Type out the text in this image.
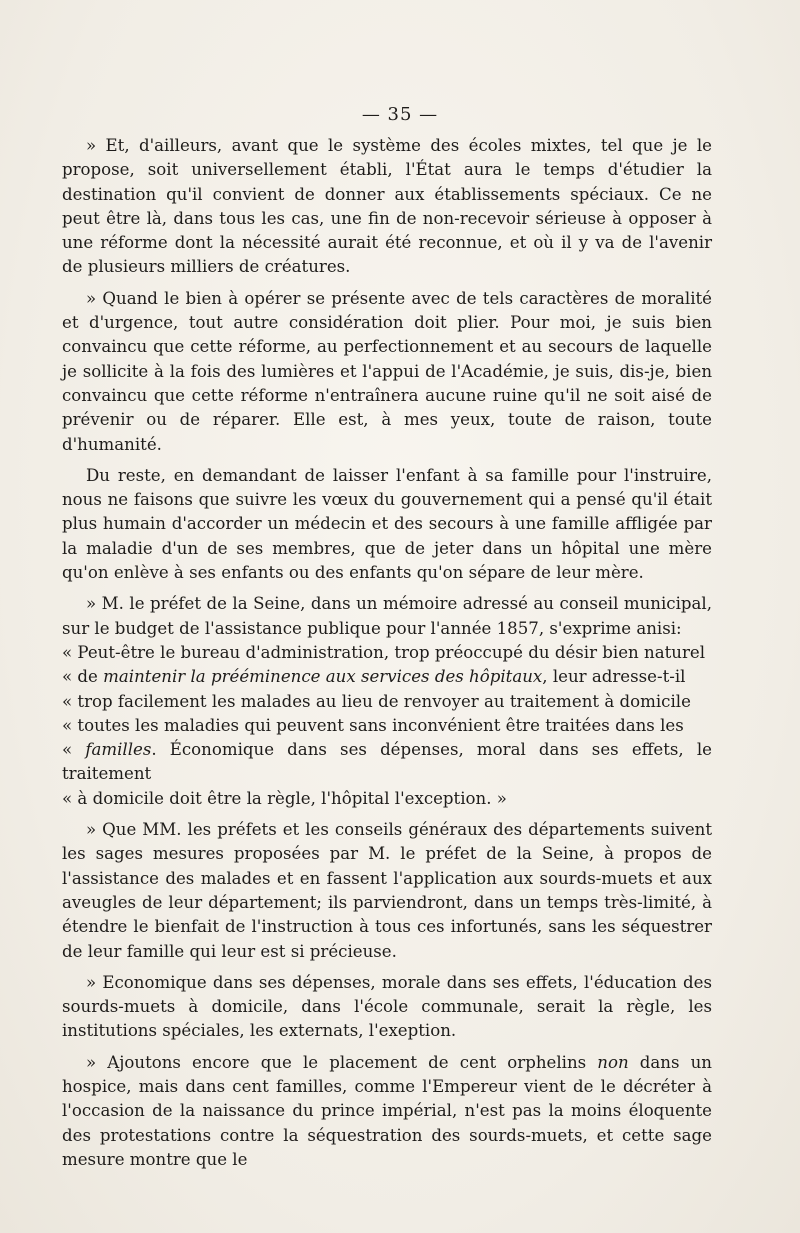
— 35 —

» Et, d'ailleurs, avant que le système des écoles mixtes, tel que je le propose, soit universellement établi, l'État aura le temps d'étudier la destination qu'il convient de donner aux établissements spéciaux. Ce ne peut être là, dans tous les cas, une fin de non-recevoir sérieuse à opposer à une réforme dont la nécessité aurait été reconnue, et où il y va de l'avenir de plusieurs milliers de créatures.

» Quand le bien à opérer se présente avec de tels caractères de moralité et d'urgence, tout autre considération doit plier. Pour moi, je suis bien convaincu que cette réforme, au perfectionnement et au secours de laquelle je sollicite à la fois des lumières et l'appui de l'Académie, je suis, dis-je, bien convaincu que cette réforme n'entraînera aucune ruine qu'il ne soit aisé de prévenir ou de réparer. Elle est, à mes yeux, toute de raison, toute d'humanité.

Du reste, en demandant de laisser l'enfant à sa famille pour l'instruire, nous ne faisons que suivre les vœux du gouvernement qui a pensé qu'il était plus humain d'accorder un médecin et des secours à une famille affligée par la maladie d'un de ses membres, que de jeter dans un hôpital une mère qu'on enlève à ses enfants ou des enfants qu'on sépare de leur mère.

» M. le préfet de la Seine, dans un mémoire adressé au conseil municipal, sur le budget de l'assistance publique pour l'année 1857, s'exprime anisi:

« Peut-être le bureau d'administration, trop préoccupé du désir bien naturel

« de maintenir la prééminence aux services des hôpitaux, leur adresse-t-il

« trop facilement les malades au lieu de renvoyer au traitement à domicile

« toutes les maladies qui peuvent sans inconvénient être traitées dans les

« familles. Économique dans ses dépenses, moral dans ses effets, le traitement

« à domicile doit être la règle, l'hôpital l'exception. »

» Que MM. les préfets et les conseils généraux des départements suivent les sages mesures proposées par M. le préfet de la Seine, à propos de l'assistance des malades et en fassent l'application aux sourds-muets et aux aveugles de leur département; ils parviendront, dans un temps très-limité, à étendre le bienfait de l'instruction à tous ces infortunés, sans les séquestrer de leur famille qui leur est si précieuse.

» Economique dans ses dépenses, morale dans ses effets, l'éducation des sourds-muets à domicile, dans l'école communale, serait la règle, les institutions spéciales, les externats, l'exeption.

» Ajoutons encore que le placement de cent orphelins non dans un hospice, mais dans cent familles, comme l'Empereur vient de le décréter à l'occasion de la naissance du prince impérial, n'est pas la moins éloquente des protestations contre la séquestration des sourds-muets, et cette sage mesure montre que le
